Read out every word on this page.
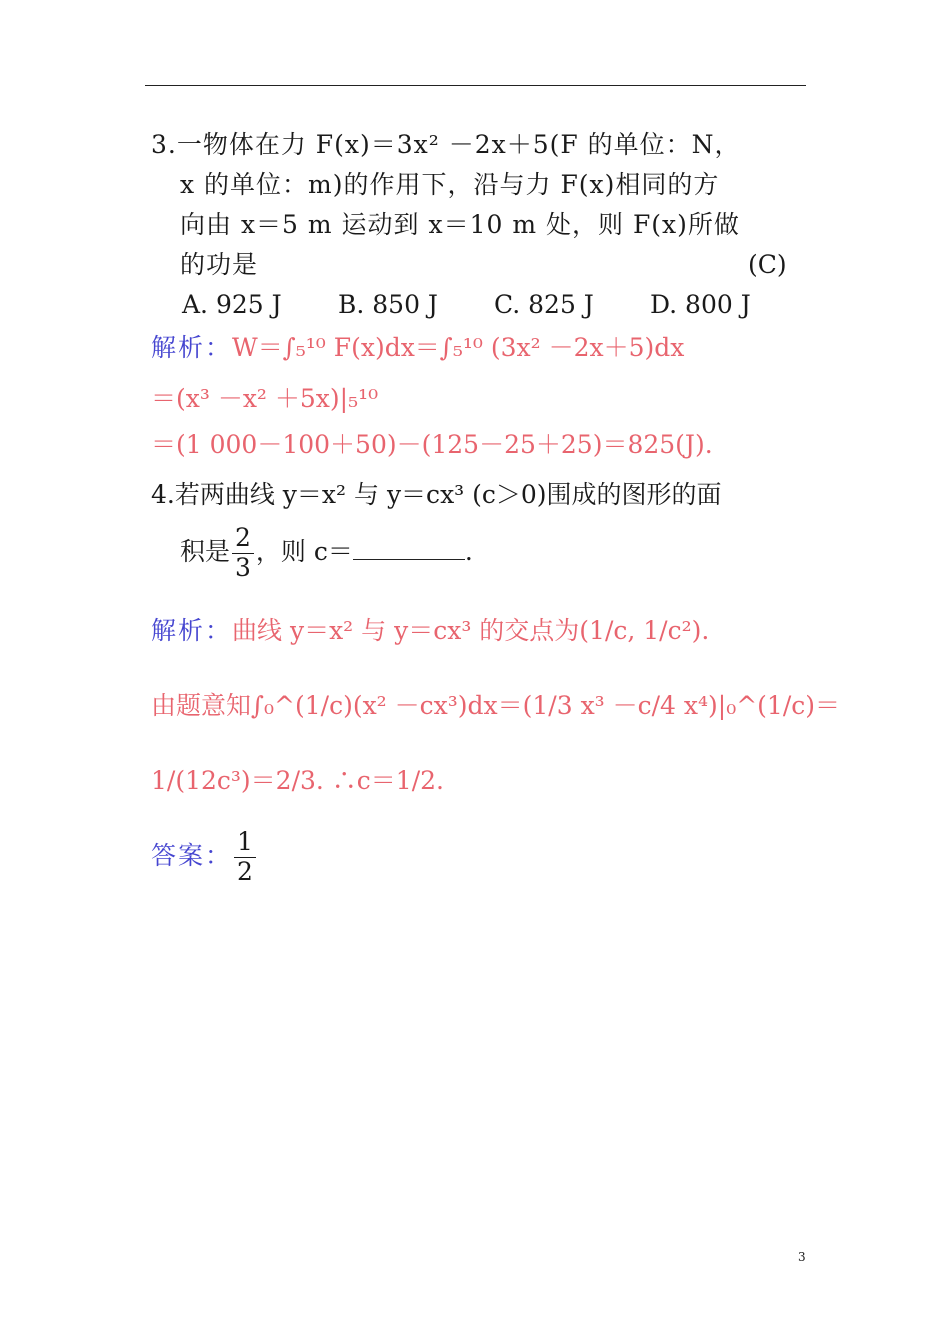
3.一物体在力 F(x)＝3x² －2x＋5(F 的单位：N，
x 的单位：m)的作用下，沿与力 F(x)相同的方
向由 x＝5 m 运动到 x＝10 m 处，则 F(x)所做
的功是	(C)
A. 925 J B. 850 J C. 825 J D. 800 J
解析：W＝∫₅¹⁰ F(x)dx＝∫₅¹⁰ (3x² －2x＋5)dx
＝(x³ －x² ＋5x)|₅¹⁰
＝(1 000－100＋50)－(125－25＋25)＝825(J).
4.若两曲线 y＝x² 与 y＝cx³ (c＞0)围成的图形的面
积是 $\frac{2}{3}$ ，则 c＝	.
解析：曲线 y＝x² 与 y＝cx³ 的交点为(1/c, 1/c²).
由题意知∫₀^(1/c)(x² －cx³)dx＝(1/3 x³ －c/4 x⁴)|₀^(1/c)＝
1/(12c³)＝2/3. ∴c＝1/2.
答案： $\frac{1}{2}$
3
